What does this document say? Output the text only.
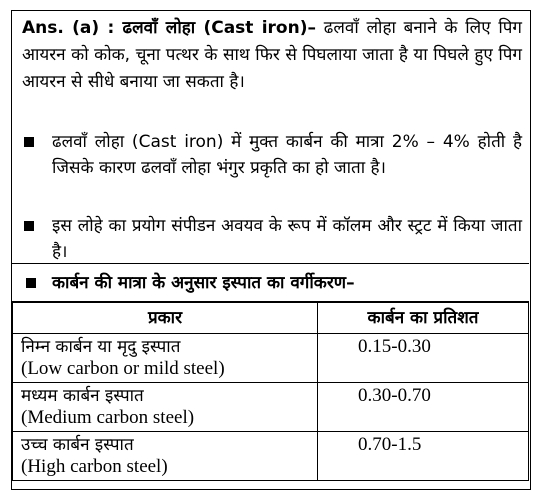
Ans. (a) : ढलवाँ लोहा (Cast iron)– ढलवाँ लोहा बनाने के लिए पिग आयरन को कोक, चूना पत्थर के साथ फिर से पिघलाया जाता है या पिघले हुए पिग आयरन से सीधे बनाया जा सकता है।
ढलवाँ लोहा (Cast iron) में मुक्त कार्बन की मात्रा 2% – 4% होती है जिसके कारण ढलवाँ लोहा भंगुर प्रकृति का हो जाता है।
इस लोहे का प्रयोग संपीडन अवयव के रूप में कॉलम और स्ट्रट में किया जाता है।
कार्बन की मात्रा के अनुसार इस्पात का वर्गीकरण–
प्रकार	कार्बन का प्रतिशत
निम्न कार्बन या मृदु इस्पात
(Low carbon or mild steel)	0.15-0.30
मध्यम कार्बन इस्पात
(Medium carbon steel)	0.30-0.70
उच्च कार्बन इस्पात
(High carbon steel)	0.70-1.5
